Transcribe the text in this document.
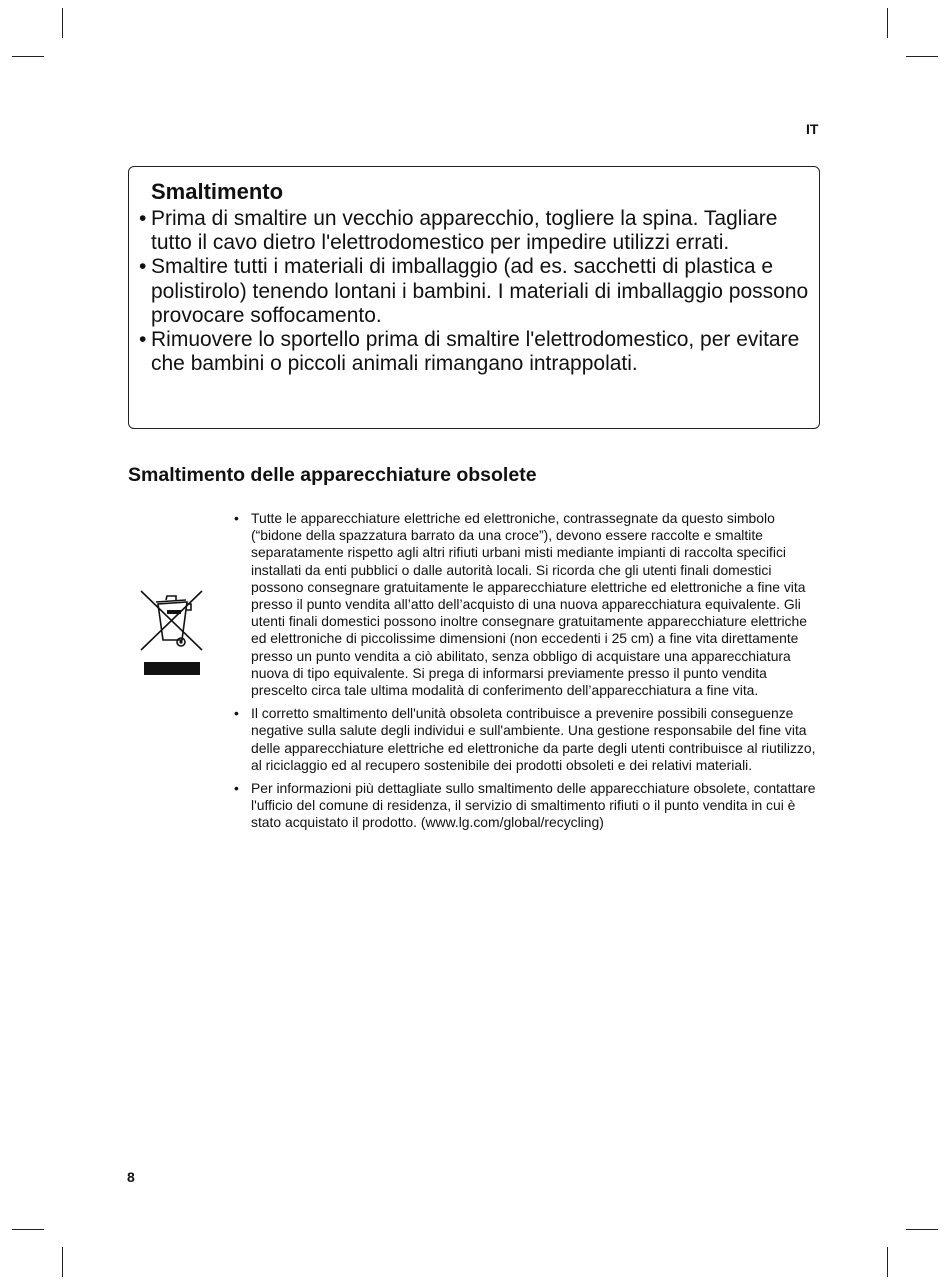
IT
Smaltimento
• Prima di smaltire un vecchio apparecchio, togliere la spina. Tagliare tutto il cavo dietro l'elettrodomestico per impedire utilizzi errati.
• Smaltire tutti i materiali di imballaggio (ad es. sacchetti di plastica e polistirolo) tenendo lontani i bambini. I materiali di imballaggio possono provocare soffocamento.
• Rimuovere lo sportello prima di smaltire l'elettrodomestico, per evitare che bambini o piccoli animali rimangano intrappolati.
Smaltimento delle apparecchiature obsolete
• Tutte le apparecchiature elettriche ed elettroniche, contrassegnate da questo simbolo (“bidone della spazzatura barrato da una croce”), devono essere raccolte e smaltite separatamente rispetto agli altri rifiuti urbani misti mediante impianti di raccolta specifici installati da enti pubblici o dalle autorità locali. Si ricorda che gli utenti finali domestici possono consegnare gratuitamente le apparecchiature elettriche ed elettroniche a fine vita presso il punto vendita all’atto dell’acquisto di una nuova apparecchiatura equivalente. Gli utenti finali domestici possono inoltre consegnare gratuitamente apparecchiature elettriche ed elettroniche di piccolissime dimensioni (non eccedenti i 25 cm) a fine vita direttamente presso un punto vendita a ciò abilitato, senza obbligo di acquistare una apparecchiatura nuova di tipo equivalente. Si prega di informarsi previamente presso il punto vendita prescelto circa tale ultima modalità di conferimento dell’apparecchiatura a fine vita.
• Il corretto smaltimento dell'unità obsoleta contribuisce a prevenire possibili conseguenze negative sulla salute degli individui e sull'ambiente. Una gestione responsabile del fine vita delle apparecchiature elettriche ed elettroniche da parte degli utenti contribuisce al riutilizzo, al riciclaggio ed al recupero sostenibile dei prodotti obsoleti e dei relativi materiali.
• Per informazioni più dettagliate sullo smaltimento delle apparecchiature obsolete, contattare l'ufficio del comune di residenza, il servizio di smaltimento rifiuti o il punto vendita in cui è stato acquistato il prodotto. (www.lg.com/global/recycling)
8
